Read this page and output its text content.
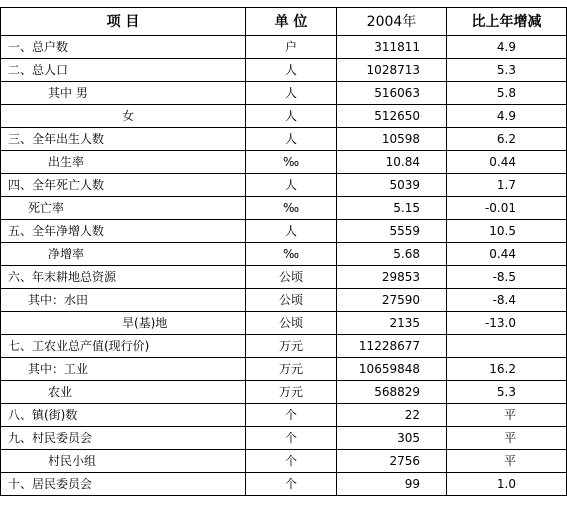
项 目	单 位	2004年	比上年增减
一、总户数	户	311811	4.9
二、总人口	人	1028713	5.3
其中 男	人	516063	5.8
女	人	512650	4.9
三、全年出生人数	人	10598	6.2
出生率	‰	10.84	0.44
四、全年死亡人数	人	5039	1.7
死亡率	‰	5.15	-0.01
五、全年净增人数	人	5559	10.5
净增率	‰	5.68	0.44
六、年末耕地总资源	公顷	29853	-8.5
其中：水田	公顷	27590	-8.4
旱(基)地	公顷	2135	-13.0
七、工农业总产值(现行价)	万元	11228677	
其中：工业	万元	10659848	16.2
农业	万元	568829	5.3
八、镇(街)数	个	22	平
九、村民委员会	个	305	平
村民小组	个	2756	平
十、居民委员会	个	99	1.0
